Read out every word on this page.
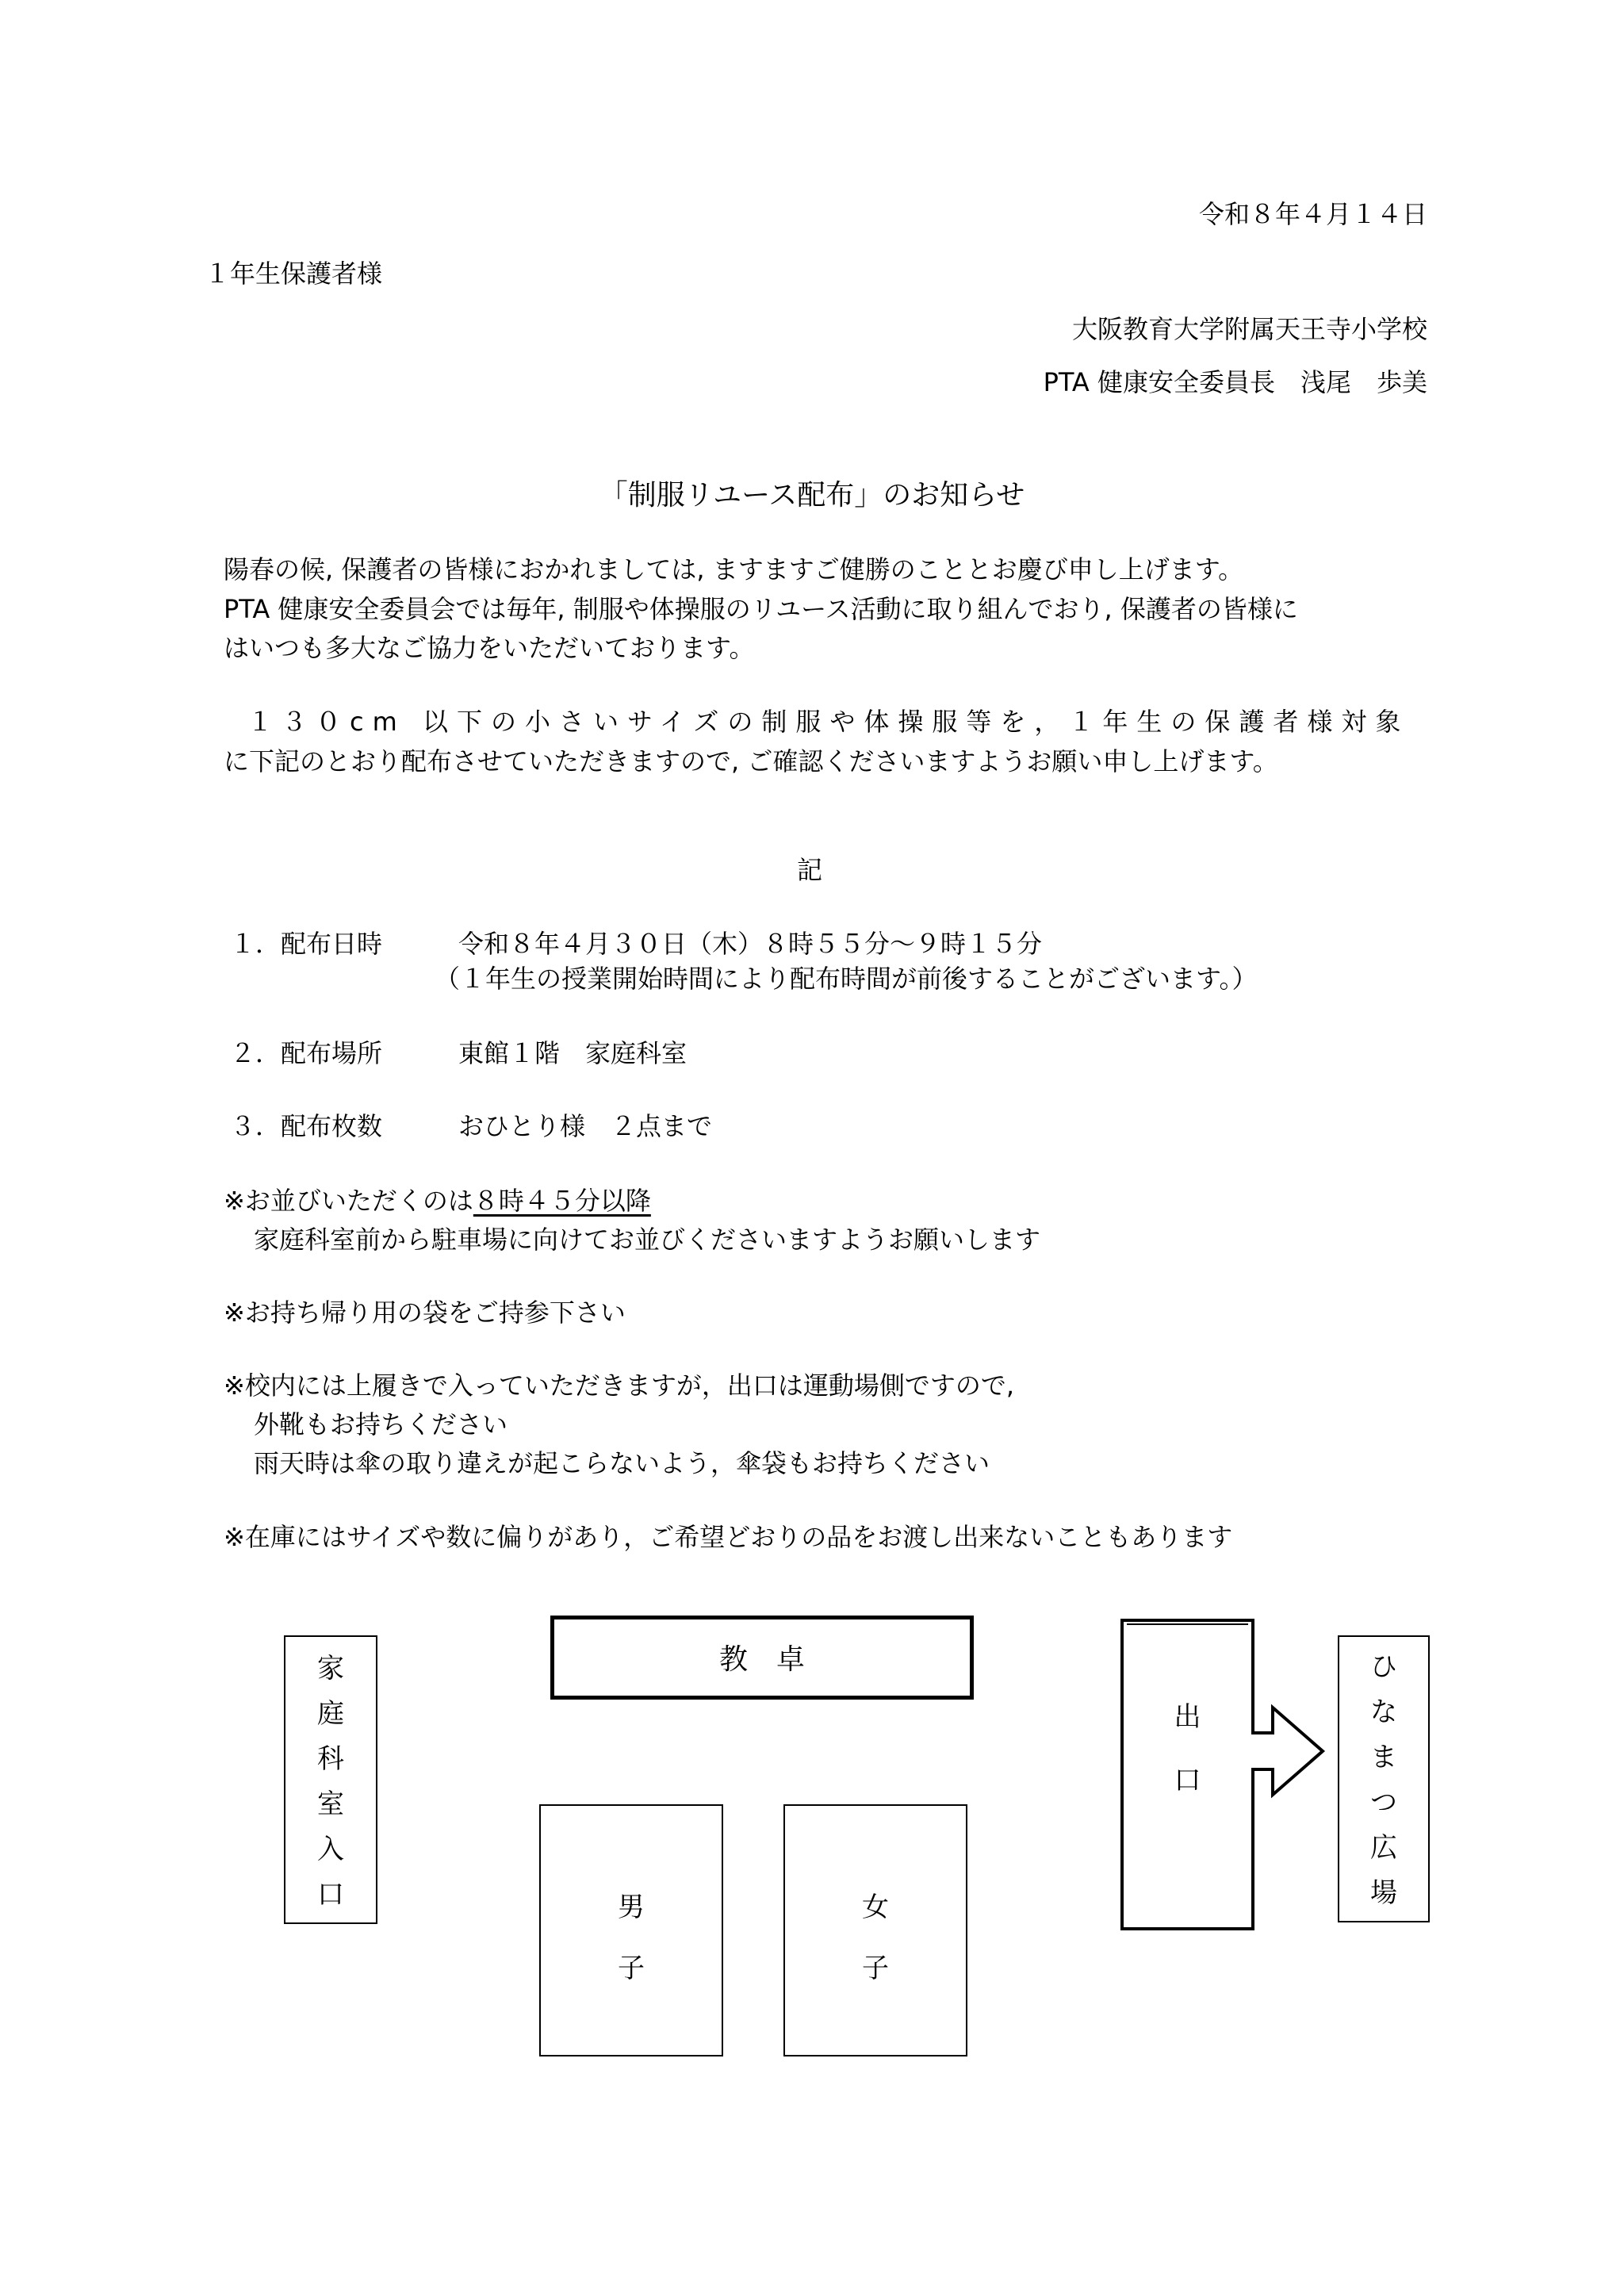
令和８年４月１４日
１年生保護者様
大阪教育大学附属天王寺小学校
PTA 健康安全委員長　浅尾　歩美
「制服リユース配布」のお知らせ
陽春の候, 保護者の皆様におかれましては, ますますご健勝のこととお慶び申し上げます。
PTA 健康安全委員会では毎年, 制服や体操服のリユース活動に取り組んでおり, 保護者の皆様に
はいつも多大なご協力をいただいております。
１３０cm 以下の小さいサイズの制服や体操服等を，１年生の保護者様対象
に下記のとおり配布させていただきますので, ご確認くださいますようお願い申し上げます。
記
１．配布日時	令和８年４月３０日（木）８時５５分～９時１５分
（１年生の授業開始時間により配布時間が前後することがございます。）
２．配布場所	東館１階　家庭科室
３．配布枚数	おひとり様　２点まで
※お並びいただくのは８時４５分以降
家庭科室前から駐車場に向けてお並びくださいますようお願いします
※お持ち帰り用の袋をご持参下さい
※校内には上履きで入っていただきますが，出口は運動場側ですので,
外靴もお持ちください
雨天時は傘の取り違えが起こらないよう，傘袋もお持ちください
※在庫にはサイズや数に偏りがあり，ご希望どおりの品をお渡し出来ないこともあります
家
庭
科
室
入
口
教　卓
男
子
女
子
出
口
ひ
な
ま
つ
広
場
